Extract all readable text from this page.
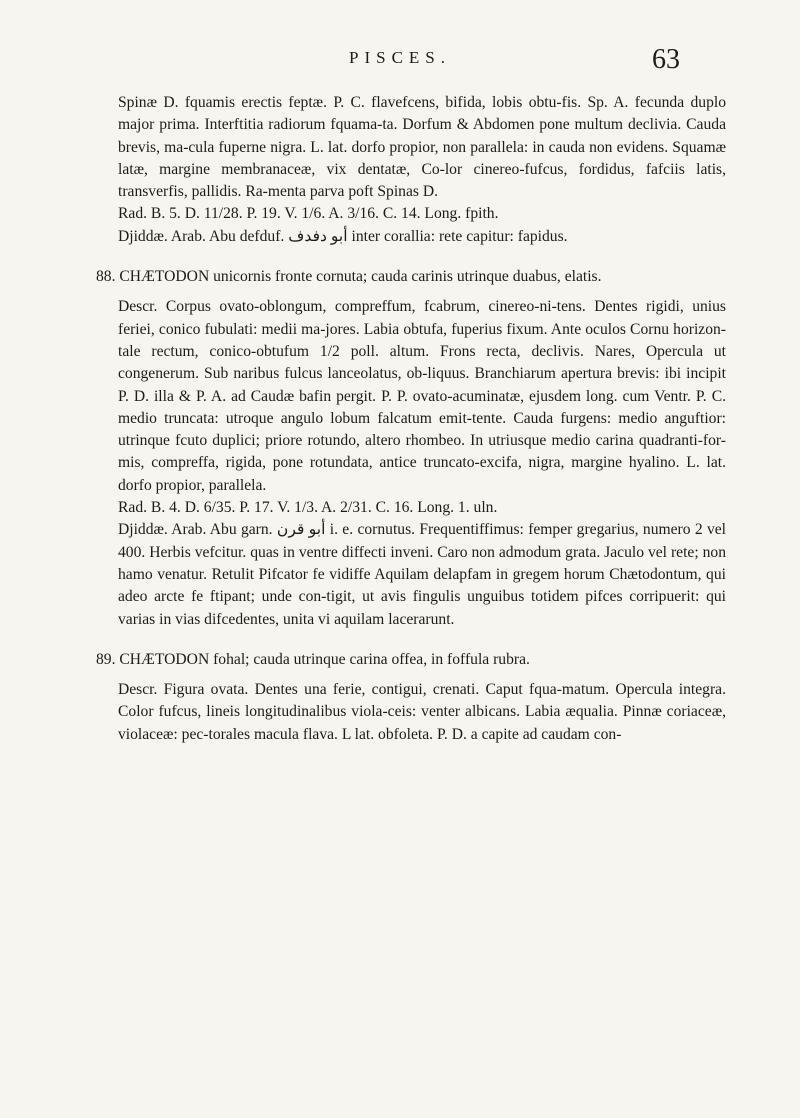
PISCES.	63

Spinæ D. fquamis erectis feptæ. P. C. flavefcens, bifida, lobis obtu-fis. Sp. A. fecunda duplo major prima. Interftitia radiorum fquama-ta. Dorfum & Abdomen pone multum declivia. Cauda brevis, ma-cula fuperne nigra. L. lat. dorfo propior, non parallela: in cauda non evidens. Squamæ latæ, margine membranaceæ, vix dentatæ, Co-lor cinereo-fufcus, fordidus, fafciis latis, transverfis, pallidis. Ra-menta parva poft Spinas D.

Rad. B. 5. D. 11/28. P. 19. V. 1/6. A. 3/16. C. 14. Long. fpith.

Djiddæ. Arab. Abu defduf. أبو دفدف inter corallia: rete capitur: fapidus.

88. CHÆTODON unicornis fronte cornuta; cauda carinis utrinque duabus, elatis.

Descr. Corpus ovato-oblongum, compreffum, fcabrum, cinereo-ni-tens. Dentes rigidi, unius feriei, conico fubulati: medii ma-jores. Labia obtufa, fuperius fixum. Ante oculos Cornu horizon-tale rectum, conico-obtufum 1/2 poll. altum. Frons recta, declivis. Nares, Opercula ut congenerum. Sub naribus fulcus lanceolatus, ob-liquus. Branchiarum apertura brevis: ibi incipit P. D. illa & P. A. ad Caudæ bafin pergit. P. P. ovato-acuminatæ, ejusdem long. cum Ventr. P. C. medio truncata: utroque angulo lobum falcatum emit-tente. Cauda furgens: medio anguftior: utrinque fcuto duplici; priore rotundo, altero rhombeo. In utriusque medio carina quadranti-for-mis, compreffa, rigida, pone rotundata, antice truncato-excifa, nigra, margine hyalino. L. lat. dorfo propior, parallela.

Rad. B. 4. D. 6/35. P. 17. V. 1/3. A. 2/31. C. 16. Long. 1. uln.

Djiddæ. Arab. Abu garn. أبو قرن i. e. cornutus. Frequentiffimus: femper gregarius, numero 2 vel 400. Herbis vefcitur. quas in ventre diffecti inveni. Caro non admodum grata. Jaculo vel rete; non hamo venatur. Retulit Pifcator fe vidiffe Aquilam delapfam in gregem horum Chætodontum, qui adeo arcte fe ftipant; unde con-tigit, ut avis fingulis unguibus totidem pifces corripuerit: qui varias in vias difcedentes, unita vi aquilam lacerarunt.

89. CHÆTODON fohal; cauda utrinque carina offea, in foffula rubra.

Descr. Figura ovata. Dentes una ferie, contigui, crenati. Caput fqua-matum. Opercula integra. Color fufcus, lineis longitudinalibus viola-ceis: venter albicans. Labia æqualia. Pinnæ coriaceæ, violaceæ: pec-torales macula flava. L lat. obfoleta. P. D. a capite ad caudam con-
